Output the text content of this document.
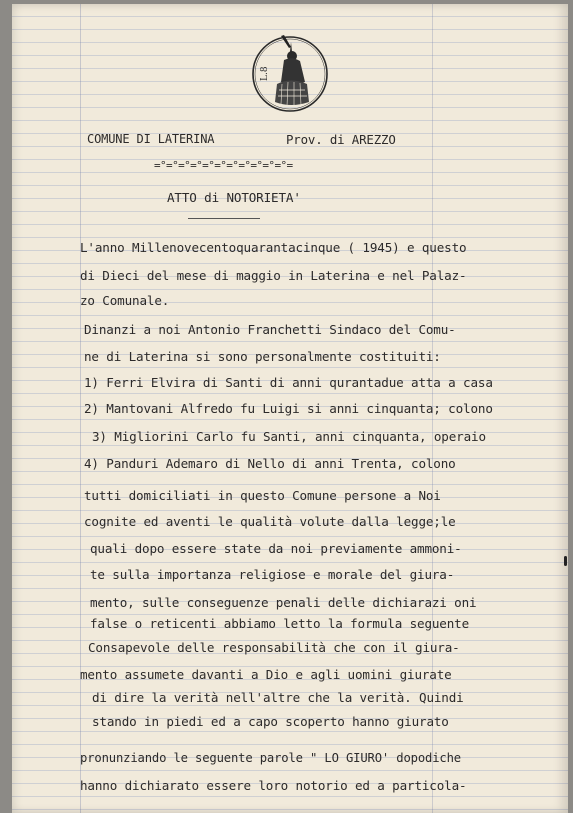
L.8
COMUNE DI LATERINA	Prov. di AREZZO
=°=°=°=°=°=°=°=°=°=°=°=
ATTO di NOTORIETA'
L'anno Millenovecentoquarantacinque ( 1945) e questo
di Dieci del mese di maggio in Laterina e nel Palaz-
zo Comunale.
Dinanzi a noi Antonio Franchetti Sindaco del Comu-
ne di Laterina si sono personalmente costituiti:
1) Ferri Elvira di Santi di anni qurantadue atta a casa
2) Mantovani Alfredo fu Luigi si anni cinquanta; colono
3) Migliorini Carlo fu Santi, anni cinquanta, operaio
4) Panduri Ademaro di Nello di anni Trenta, colono
tutti domiciliati in questo Comune persone a Noi
cognite ed aventi le qualità volute dalla legge;le
quali dopo essere state da noi previamente ammoni-
te sulla importanza religiose e morale del giura-
mento, sulle conseguenze penali delle dichiarazi oni
false o reticenti abbiamo letto la formula seguente
Consapevole delle responsabilità che con il giura-
mento assumete davanti a Dio e agli uomini giurate
di dire la verità nell'altre che la verità. Quindi
stando in piedi ed a capo scoperto hanno giurato
pronunziando le seguente parole " LO GIURO' dopodiche
hanno dichiarato essere loro notorio ed a particola-
